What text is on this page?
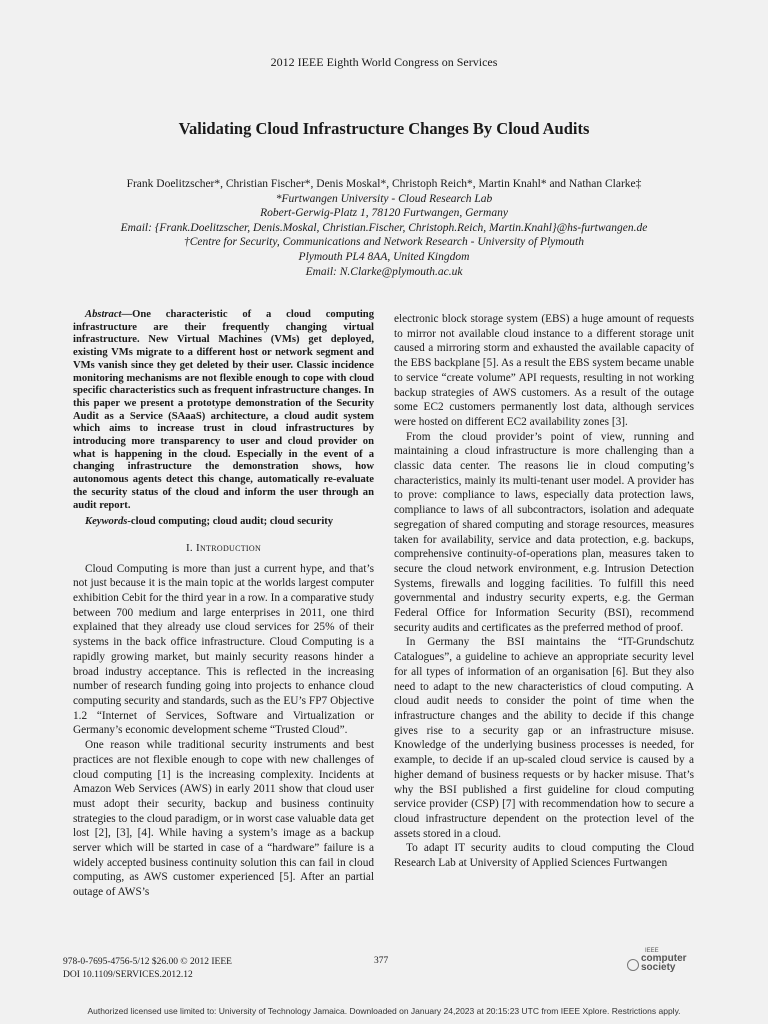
2012 IEEE Eighth World Congress on Services
Validating Cloud Infrastructure Changes By Cloud Audits
Frank Doelitzscher*, Christian Fischer*, Denis Moskal*, Christoph Reich*, Martin Knahl* and Nathan Clarke‡
*Furtwangen University - Cloud Research Lab
Robert-Gerwig-Platz 1, 78120 Furtwangen, Germany
Email: {Frank.Doelitzscher, Denis.Moskal, Christian.Fischer, Christoph.Reich, Martin.Knahl}@hs-furtwangen.de
†Centre for Security, Communications and Network Research - University of Plymouth
Plymouth PL4 8AA, United Kingdom
Email: N.Clarke@plymouth.ac.uk

Abstract—One characteristic of a cloud computing infrastructure are their frequently changing virtual infrastructure. New Virtual Machines (VMs) get deployed, existing VMs migrate to a different host or network segment and VMs vanish since they get deleted by their user. Classic incidence monitoring mechanisms are not flexible enough to cope with cloud specific characteristics such as frequent infrastructure changes. In this paper we present a prototype demonstration of the Security Audit as a Service (SAaaS) architecture, a cloud audit system which aims to increase trust in cloud infrastructures by introducing more transparency to user and cloud provider on what is happening in the cloud. Especially in the event of a changing infrastructure the demonstration shows, how autonomous agents detect this change, automatically re-evaluate the security status of the cloud and inform the user through an audit report.

Keywords-cloud computing; cloud audit; cloud security

I. Introduction

Cloud Computing is more than just a current hype, and that’s not just because it is the main topic at the worlds largest computer exhibition Cebit for the third year in a row. In a comparative study between 700 medium and large enterprises in 2011, one third explained that they already use cloud services for 25% of their systems in the back office infrastructure. Cloud Computing is a rapidly growing market, but mainly security reasons hinder a broad industry acceptance. This is reflected in the increasing number of research funding going into projects to enhance cloud computing security and standards, such as the EU’s FP7 Objective 1.2 “Internet of Services, Software and Virtualization or Germany’s economic development scheme “Trusted Cloud”.

One reason while traditional security instruments and best practices are not flexible enough to cope with new challenges of cloud computing [1] is the increasing complexity. Incidents at Amazon Web Services (AWS) in early 2011 show that cloud user must adopt their security, backup and business continuity strategies to the cloud paradigm, or in worst case valuable data get lost [2], [3], [4]. While having a system’s image as a backup server which will be started in case of a “hardware” failure is a widely accepted business continuity solution this can fail in cloud computing, as AWS customer experienced [5]. After an partial outage of AWS’s

electronic block storage system (EBS) a huge amount of requests to mirror not available cloud instance to a different storage unit caused a mirroring storm and exhausted the available capacity of the EBS backplane [5]. As a result the EBS system became unable to service “create volume” API requests, resulting in not working backup strategies of AWS customers. As a result of the outage some EC2 customers permanently lost data, although services were hosted on different EC2 availability zones [3].

From the cloud provider’s point of view, running and maintaining a cloud infrastructure is more challenging than a classic data center. The reasons lie in cloud computing’s characteristics, mainly its multi-tenant user model. A provider has to prove: compliance to laws, especially data protection laws, compliance to laws of all subcontractors, isolation and adequate segregation of shared computing and storage resources, measures taken for availability, service and data protection, e.g. backups, comprehensive continuity-of-operations plan, measures taken to secure the cloud network environment, e.g. Intrusion Detection Systems, firewalls and logging facilities. To fulfill this need governmental and industry security experts, e.g. the German Federal Office for Information Security (BSI), recommend security audits and certificates as the preferred method of proof.

In Germany the BSI maintains the “IT-Grundschutz Catalogues”, a guideline to achieve an appropriate security level for all types of information of an organisation [6]. But they also need to adapt to the new characteristics of cloud computing. A cloud audit needs to consider the point of time when the infrastructure changes and the ability to decide if this change gives rise to a security gap or an infrastructure misuse. Knowledge of the underlying business processes is needed, for example, to decide if an up-scaled cloud service is caused by a higher demand of business requests or by hacker misuse. That’s why the BSI published a first guideline for cloud computing service provider (CSP) [7] with recommendation how to secure a cloud infrastructure dependent on the protection level of the assets stored in a cloud.

To adapt IT security audits to cloud computing the Cloud Research Lab at University of Applied Sciences Furtwangen

978-0-7695-4756-5/12 $26.00 © 2012 IEEE
DOI 10.1109/SERVICES.2012.12
377
IEEE
computer
society
Authorized licensed use limited to: University of Technology Jamaica. Downloaded on January 24,2023 at 20:15:23 UTC from IEEE Xplore. Restrictions apply.
